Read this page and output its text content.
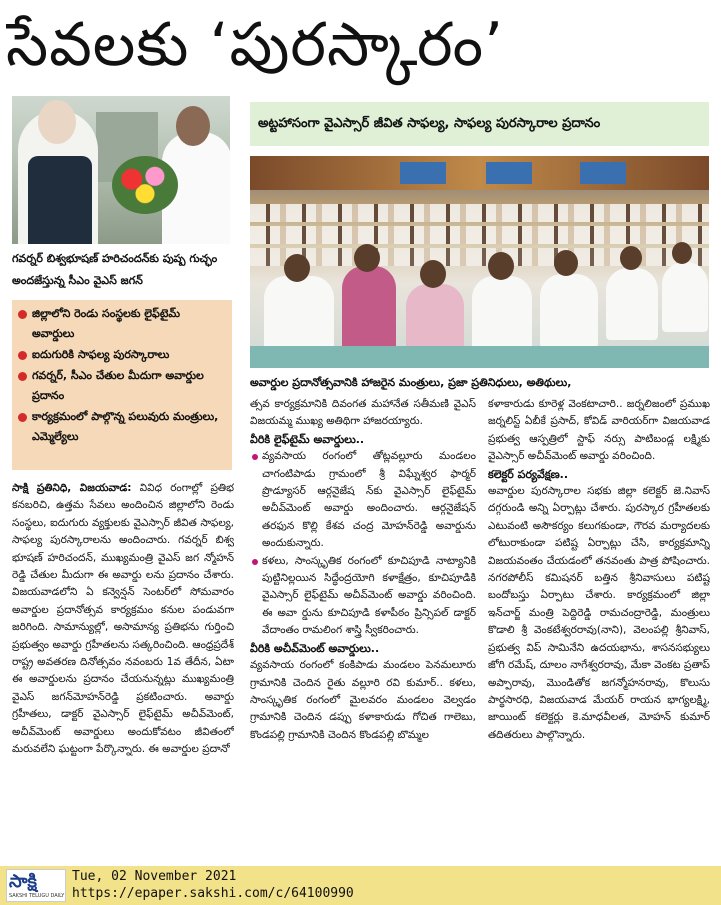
సేవలకు ‘పురస్కారం’
గవర్నర్ బిశ్వభూషణ్ హరిచందన్‌కు పుష్ప గుచ్ఛం అందజేస్తున్న సీఎం వైఎస్ జగన్
జిల్లాలోని రెండు సంస్థలకు లైఫ్‌టైమ్ అవార్డులు
ఐదుగురికి సాఫల్య పురస్కారాలు
గవర్నర్, సీఎం చేతుల మీదుగా అవార్డుల ప్రదానం
కార్యక్రమంలో పాల్గొన్న పలువురు మంత్రులు, ఎమ్మెల్యేలు
అట్టహాసంగా వైఎస్సార్ జీవిత సాఫల్య, సాఫల్య పురస్కారాల ప్రదానం
అవార్డుల ప్రదానోత్సవానికి హాజరైన మంత్రులు, ప్రజా ప్రతినిధులు, అతిథులు,

సాక్షి ప్రతినిధి, విజయవాడ: వివిధ రంగాల్లో ప్రతిభ కనబరిచి, ఉత్తమ సేవలు అందించిన జిల్లాలోని రెండు సంస్థలు, ఐదుగురు వ్యక్తులకు వైఎస్సార్ జీవిత సాఫల్య, సాఫల్య పురస్కారాలను అందించారు. గవర్నర్ బిశ్వ భూషణ్ హరిచందన్, ముఖ్యమంత్రి వైఎస్ జగ న్మోహన్ రెడ్డి చేతుల మీదుగా ఈ అవార్డు లను ప్రదానం చేశారు. విజయవాడలోని ఏ కన్వెన్షన్ సెంటర్‌లో సోమవారం అవార్డుల ప్రదానోత్సవ కార్యక్రమం కనుల పండువగా జరిగింది. సామాన్యుల్లో, అసామాన్య ప్రతిభను గుర్తించి ప్రభుత్వం అవార్డు గ్రహీతలను సత్కరించింది. ఆంధ్రప్రదేశ్ రాష్ట్ర అవతరణ దినోత్సవం నవంబరు 1వ తేదీన, ఏటా ఈ అవార్డులను ప్రదానం చేయనున్నట్లు ముఖ్యమంత్రి వైఎస్ జగన్‌మోహన్‌రెడ్డి ప్రకటించారు. అవార్డు గ్రహీతలు, డాక్టర్ వైఎస్సార్ లైఫ్‌టైమ్ అచీవ్‌మెంట్, అచీవ్‌మెంట్ అవార్డులు అందుకోవటం జీవితంలో మరువలేని ఘట్టంగా పేర్కొన్నారు. ఈ అవార్డుల ప్రదానో

త్సవ కార్యక్రమానికి దివంగత మహానేత సతీమణి వైఎస్ విజయమ్మ ముఖ్య అతిథిగా హాజరయ్యారు.

వీరికి లైఫ్‌టైమ్ అవార్డులు..

వ్యవసాయ రంగంలో తోట్లవల్లూరు మండలం చాగంటిపాడు గ్రామంలో శ్రీ విఘ్నేశ్వర ఫార్మర్ ప్రొడ్యూసర్ ఆర్గనైజేష న్‌కు వైఎస్సార్ లైఫ్‌టైమ్ అచీవ్‌మెంట్ అవార్డు అందించారు. ఆర్గనైజేషన్ తరఫున కొల్లి కేశవ చంద్ర మోహన్‌రెడ్డి అవార్డును అందుకున్నారు.

కళలు, సాంస్కృతిక రంగంలో కూచిపూడి నాట్యానికి పుట్టినిల్లయిన సిద్ధేంద్రయోగి కళాక్షేత్రం, కూచిపూడికి వైఎస్సార్ లైఫ్‌టైమ్ అచీవ్‌మెంట్ అవార్డు వరించింది. ఈ అవా ర్డును కూచిపూడి కళాపీఠం ప్రిన్సిపల్ డాక్టర్ వేదాంతం రామలింగ శాస్త్రి స్వీకరించారు.

వీరికి అచీవ్‌మెంట్ అవార్డులు..

వ్యవసాయ రంగంలో కంకిపాడు మండలం పెనమలూరు గ్రామానికి చెందిన రైతు వల్లూరి రవి కుమార్‌.. కళలు, సాంస్కృతిక రంగంలో మైలవరం మండలం వెల్వడం గ్రామానికి చెందిన డప్పు కళాకారుడు గోచిత గాలెబు, కొండపల్లి గ్రామానికి చెందిన కొండపల్లి బొమ్మల

కళాకారుడు కూరెళ్ల వెంకటాచారి.. జర్నలిజంలో ప్రముఖ జర్నలిస్ట్ ఏబీకే ప్రసాద్, కోవిడ్ వారియర్‌గా విజయవాడ ప్రభుత్వ ఆస్పత్రిలో స్టాఫ్ నర్సు పాటిబండ్ల లక్ష్మికు వైఎస్సార్ అచీవ్‌మెంట్ అవార్డు వరించింది.

కలెక్టర్ పర్యవేక్షణ..

అవార్డుల పురస్కారాల సభకు జిల్లా కలెక్టర్ జె.నివాస్ దగ్గరుండి అన్ని ఏర్పాట్లు చేశారు. పురస్కార గ్రహీతలకు ఎటువంటి అసౌకర్యం కలుగకుండా, గౌరవ మర్యాదలకు లోటురాకుండా పటిష్ట ఏర్పాట్లు చేసి, కార్యక్రమాన్ని విజయవంతం చేయడంలో తనవంతు పాత్ర పోషించారు. నగరపోలీస్ కమిషనర్ బత్తిన శ్రీనివాసులు పటిష్ట బందోబస్తు ఏర్పాటు చేశారు. కార్యక్రమంలో జిల్లా ఇన్‌చార్జ్ మంత్రి పెద్దిరెడ్డి రామచంద్రారెడ్డి, మంత్రులు కొడాలి శ్రీ వెంకటేశ్వరరావు(నాని), వెలంపల్లి శ్రీనివాస్, ప్రభుత్వ విప్ సామినేని ఉదయభాను, శాసనసభ్యులు జోగి రమేష్, దూలం నాగేశ్వరరావు, మేకా వెంకట ప్రతాప్ అప్పారావు, మొండితోక జగన్మోహనరావు, కొలుసు పార్థసారధి, విజయవాడ మేయర్ రాయన భాగ్యలక్ష్మి, జాయింట్ కలెక్టర్లు కె.మాధవీలత, మోహన్ కుమార్ తదితరులు పాల్గొన్నారు.

సాక్షి
SAKSHI TELUGU DAILY
Tue, 02 November 2021
https://epaper.sakshi.com/c/64100990
